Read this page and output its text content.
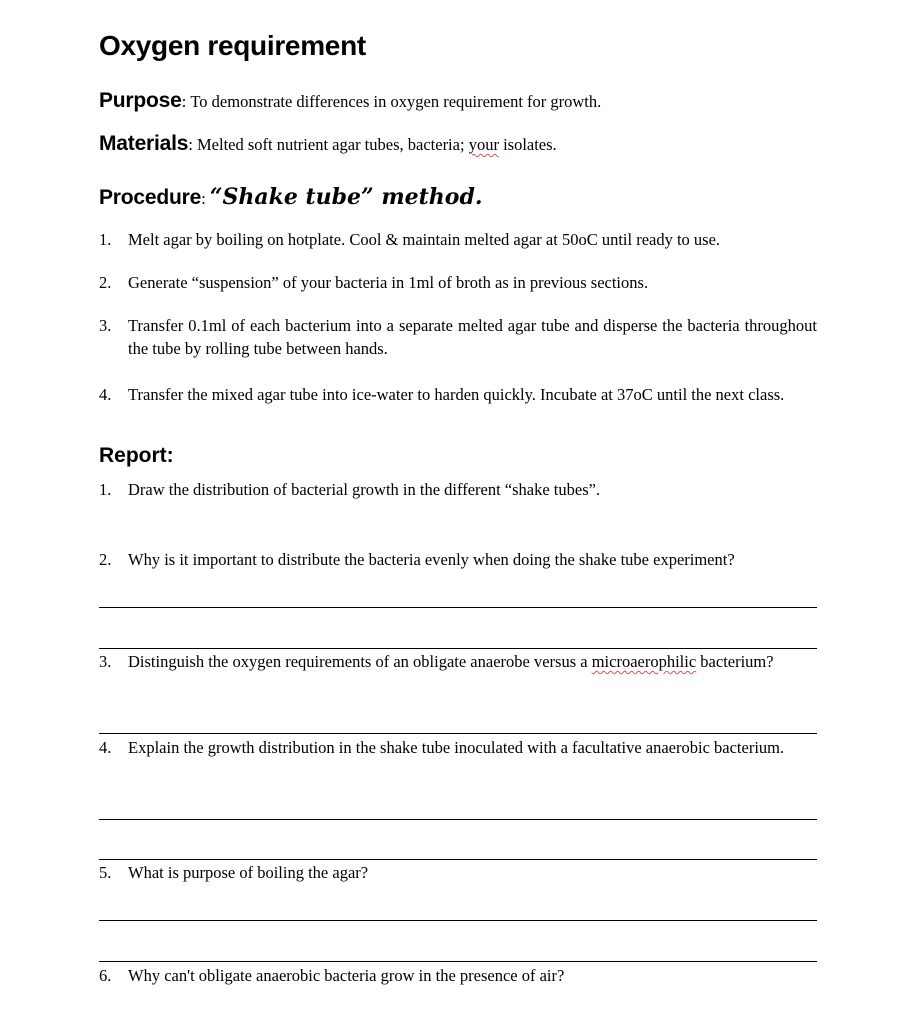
Oxygen requirement
Purpose: To demonstrate differences in oxygen requirement for growth.
Materials: Melted soft nutrient agar tubes, bacteria; your isolates.
Procedure: “Shake tube” method.
1. Melt agar by boiling on hotplate. Cool & maintain melted agar at 50oC until ready to use.
2. Generate “suspension” of your bacteria in 1ml of broth as in previous sections.
3. Transfer 0.1ml of each bacterium into a separate melted agar tube and disperse the bacteria throughout the tube by rolling tube between hands.
4. Transfer the mixed agar tube into ice-water to harden quickly. Incubate at 37oC until the next class.
Report:
1. Draw the distribution of bacterial growth in the different “shake tubes”.
2. Why is it important to distribute the bacteria evenly when doing the shake tube experiment?
3. Distinguish the oxygen requirements of an obligate anaerobe versus a microaerophilic bacterium?
4. Explain the growth distribution in the shake tube inoculated with a facultative anaerobic bacterium.
5. What is purpose of boiling the agar?
6. Why can't obligate anaerobic bacteria grow in the presence of air?
